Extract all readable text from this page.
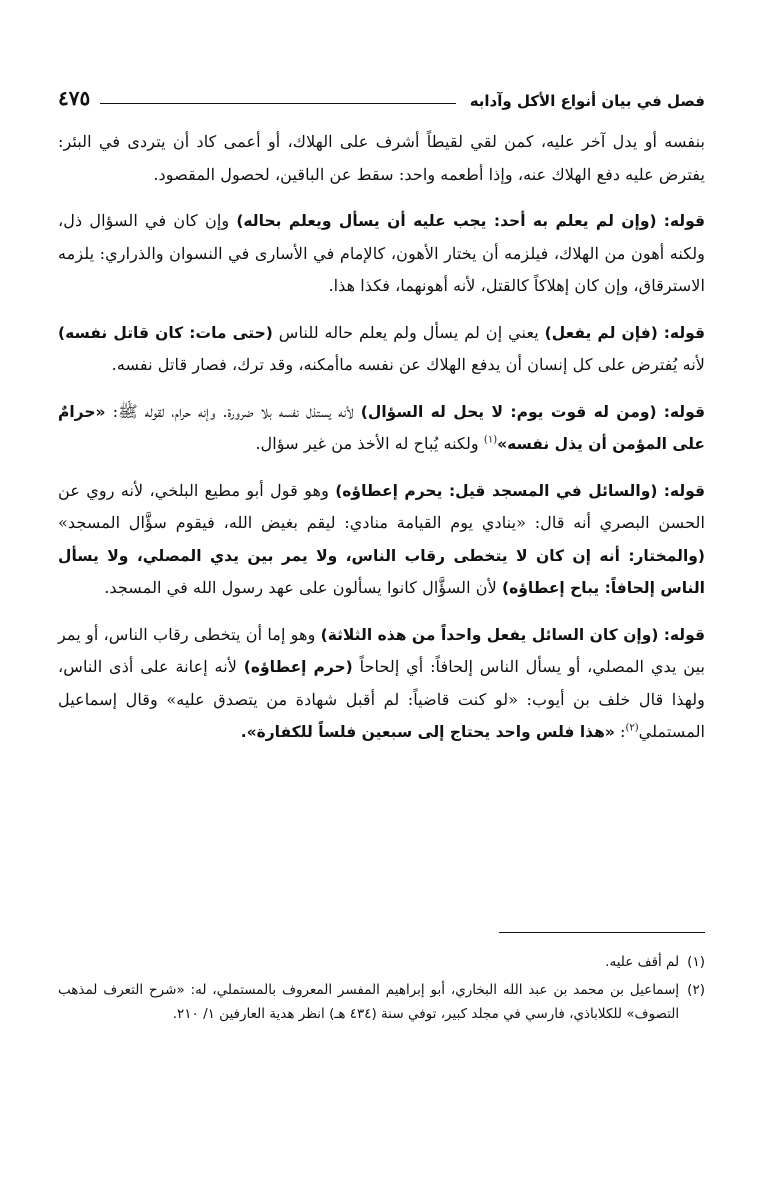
فصل في بيان أنواع الأكل وآدابه
٤٧٥

بنفسه أو يدل آخر عليه، كمن لقي لقيطاً أشرف على الهلاك، أو أعمى كاد أن يتردى في البئر: يفترض عليه دفع الهلاك عنه، وإذا أطعمه واحد: سقط عن الباقين، لحصول المقصود.

قوله: (وإن لم يعلم به أحد: يجب عليه أن يسأل ويعلم بحاله) وإن كان في السؤال ذل، ولكنه أهون من الهلاك، فيلزمه أن يختار الأهون، كالإمام في الأسارى في النسوان والذراري: يلزمه الاسترقاق، وإن كان إهلاكاً كالقتل، لأنه أهونهما، فكذا هذا.

قوله: (فإن لم يفعل) يعني إن لم يسأل ولم يعلم حاله للناس (حتى مات: كان قاتل نفسه) لأنه يُفترض على كل إنسان أن يدفع الهلاك عن نفسه ماأمكنه، وقد ترك، فصار قاتل نفسه.

قوله: (ومن له قوت يوم: لا يحل له السؤال) لأنه يستذل نفسه بلا ضرورة. وإنه حرام، لقوله ﷺ: «حرامٌ على المؤمن أن يذل نفسه»$^{(١)}$ ولكنه يُباح له الأخذ من غير سؤال.

قوله: (والسائل في المسجد قيل: يحرم إعطاؤه) وهو قول أبو مطيع البلخي، لأنه روي عن الحسن البصري أنه قال: «ينادي يوم القيامة منادي: ليقم بغيض الله، فيقوم سؤَّال المسجد» (والمختار: أنه إن كان لا يتخطى رقاب الناس، ولا يمر بين يدي المصلي، ولا يسأل الناس إلحافاً: يباح إعطاؤه) لأن السؤَّال كانوا يسألون على عهد رسول الله في المسجد.

قوله: (وإن كان السائل يفعل واحداً من هذه الثلاثة) وهو إما أن يتخطى رقاب الناس، أو يمر بين يدي المصلي، أو يسأل الناس إلحافاً: أي إلحاحاً (حرم إعطاؤه) لأنه إعانة على أذى الناس، ولهذا قال خلف بن أيوب: «لو كنت قاضياً: لم أقبل شهادة من يتصدق عليه» وقال إسماعيل المستملي$^{(٢)}$: «هذا فلس واحد يحتاج إلى سبعين فلساً للكفارة».

(١)
لم أقف عليه.
(٢)
إسماعيل بن محمد بن عبد الله البخاري، أبو إبراهيم المفسر المعروف بالمستملي، له: «شرح التعرف لمذهب التصوف» للكلاباذي، فارسي في مجلد كبير، توفي سنة (٤٣٤ هـ) انظر هدية العارفين ١/ ٢١٠.
